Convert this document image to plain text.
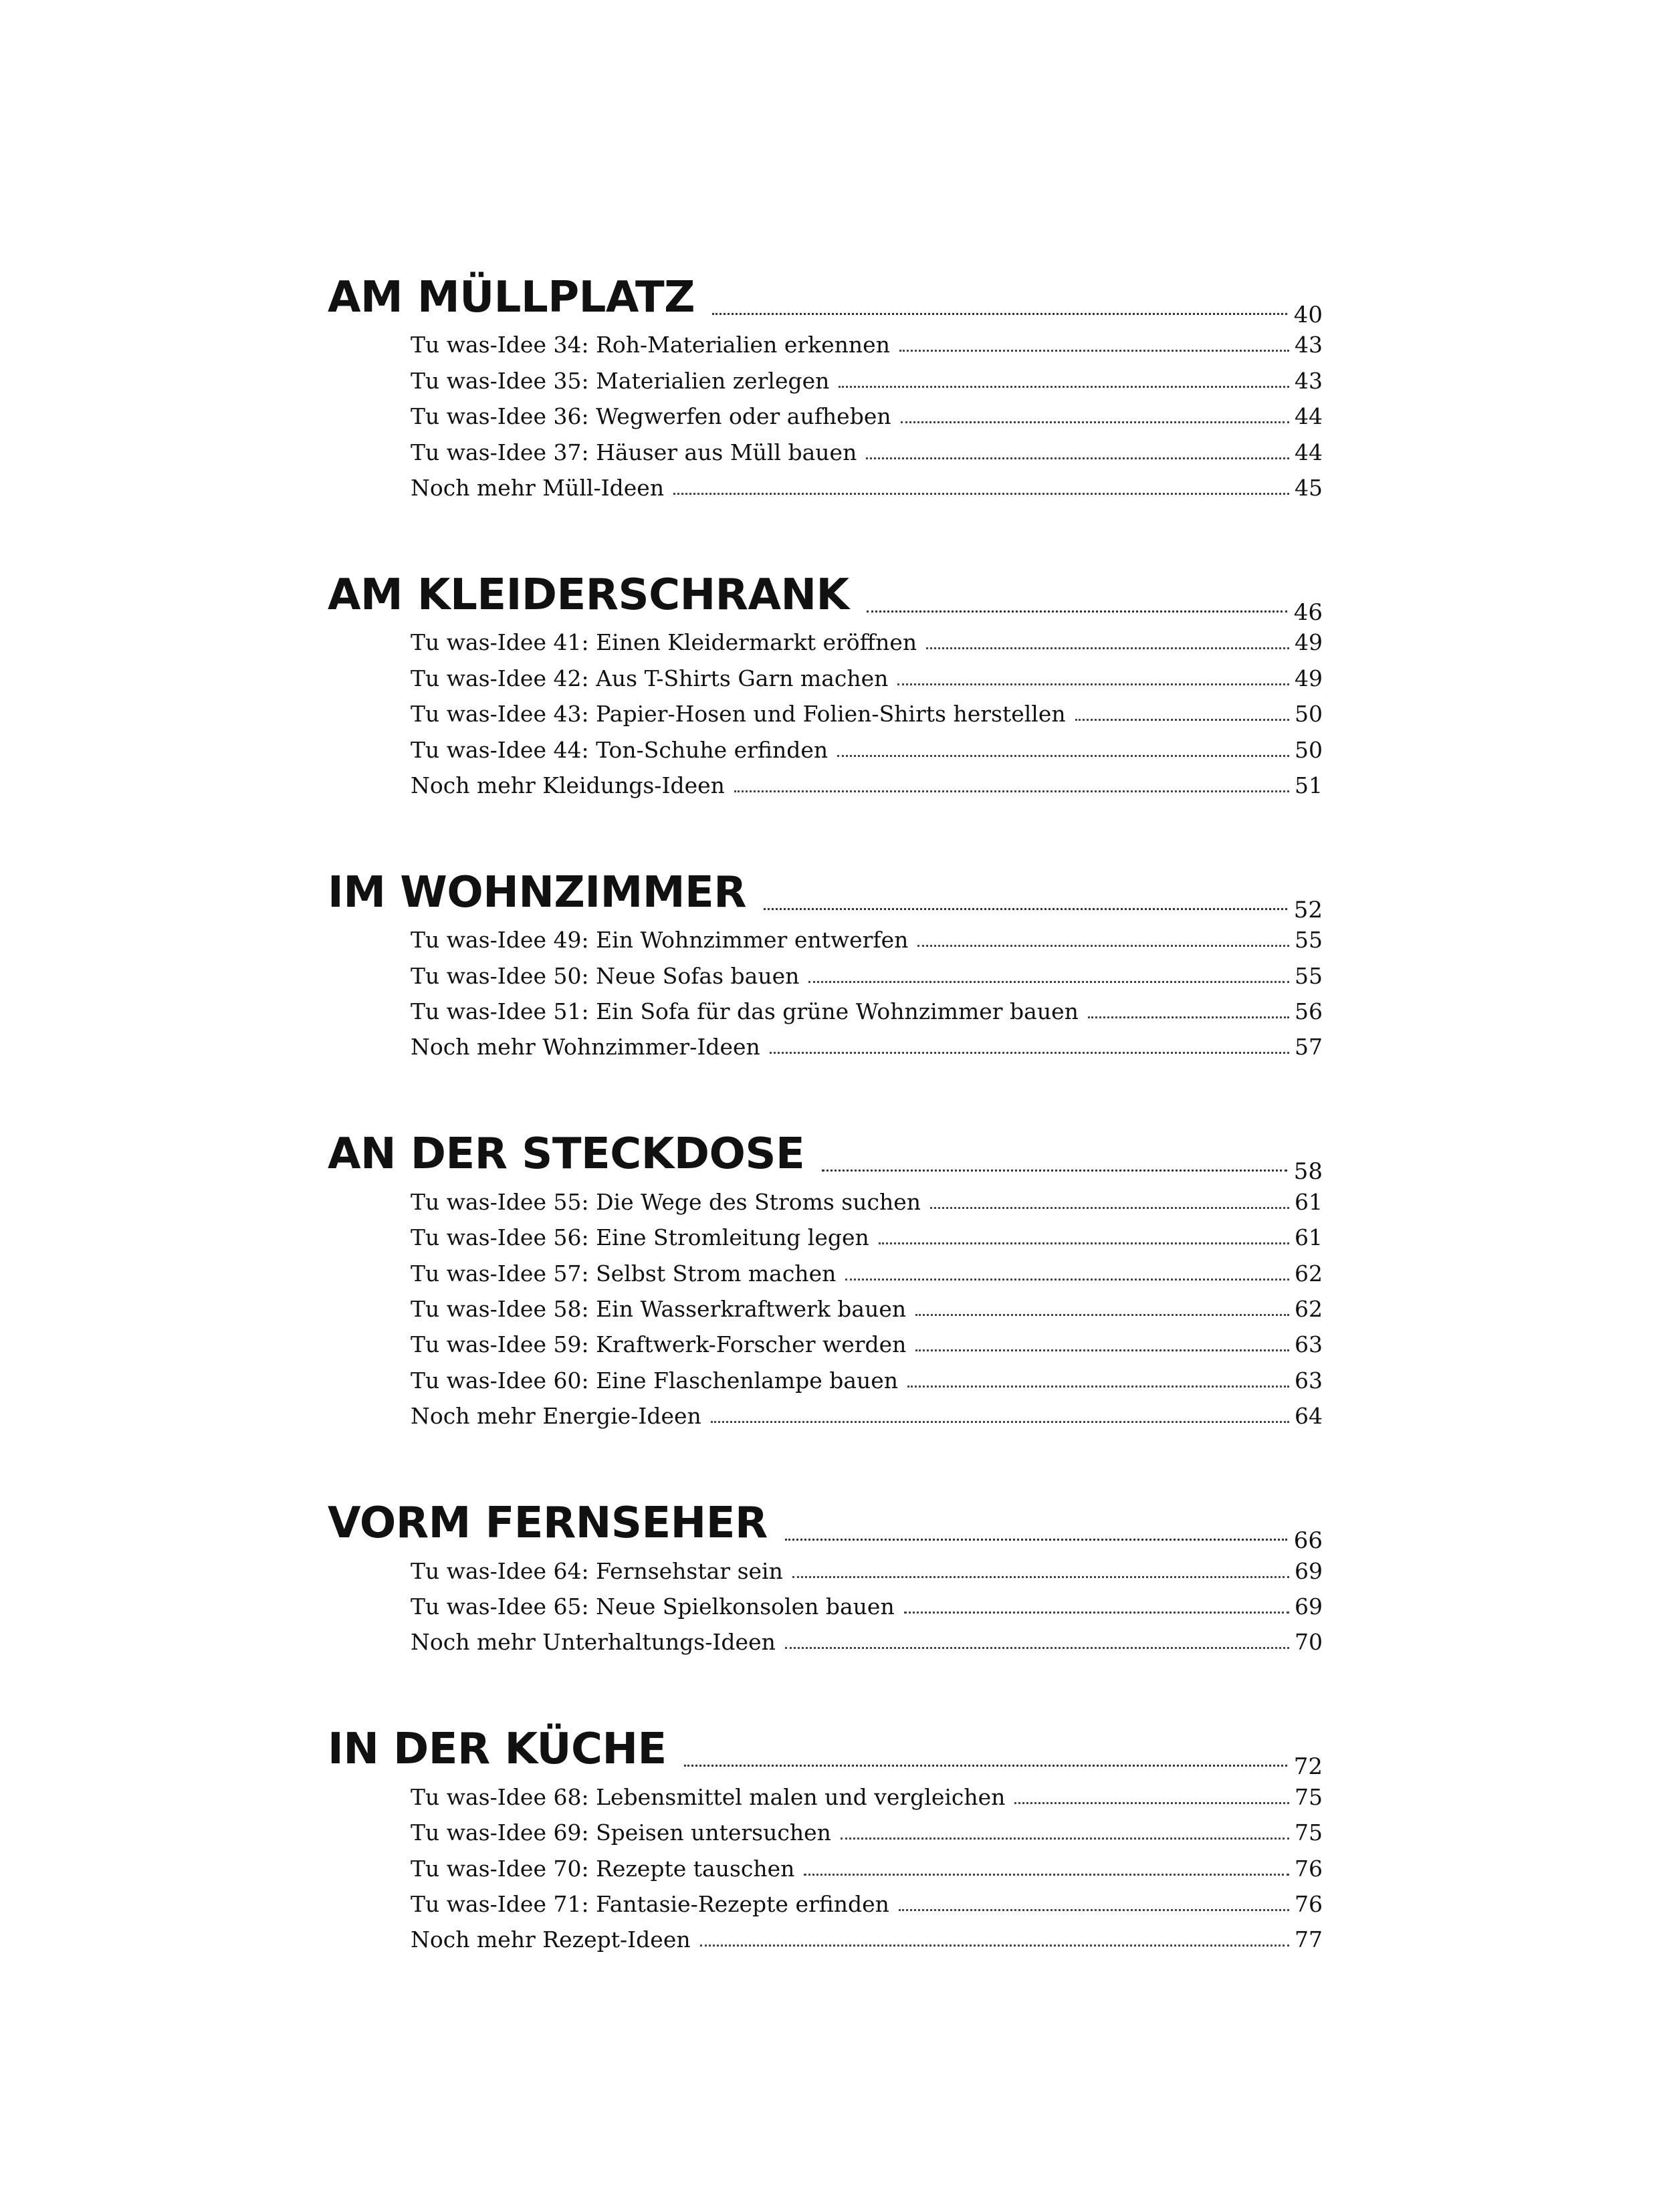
AM MÜLLPLATZ	40
Tu was-Idee 34: Roh-Materialien erkennen	43
Tu was-Idee 35: Materialien zerlegen	43
Tu was-Idee 36: Wegwerfen oder aufheben	44
Tu was-Idee 37: Häuser aus Müll bauen	44
Noch mehr Müll-Ideen	45
AM KLEIDERSCHRANK	46
Tu was-Idee 41: Einen Kleidermarkt eröffnen	49
Tu was-Idee 42: Aus T-Shirts Garn machen	49
Tu was-Idee 43: Papier-Hosen und Folien-Shirts herstellen	50
Tu was-Idee 44: Ton-Schuhe erfinden	50
Noch mehr Kleidungs-Ideen	51
IM WOHNZIMMER	52
Tu was-Idee 49: Ein Wohnzimmer entwerfen	55
Tu was-Idee 50: Neue Sofas bauen	55
Tu was-Idee 51: Ein Sofa für das grüne Wohnzimmer bauen	56
Noch mehr Wohnzimmer-Ideen	57
AN DER STECKDOSE	58
Tu was-Idee 55: Die Wege des Stroms suchen	61
Tu was-Idee 56: Eine Stromleitung legen	61
Tu was-Idee 57: Selbst Strom machen	62
Tu was-Idee 58: Ein Wasserkraftwerk bauen	62
Tu was-Idee 59: Kraftwerk-Forscher werden	63
Tu was-Idee 60: Eine Flaschenlampe bauen	63
Noch mehr Energie-Ideen	64
VORM FERNSEHER	66
Tu was-Idee 64: Fernsehstar sein	69
Tu was-Idee 65: Neue Spielkonsolen bauen	69
Noch mehr Unterhaltungs-Ideen	70
IN DER KÜCHE	72
Tu was-Idee 68: Lebensmittel malen und vergleichen	75
Tu was-Idee 69: Speisen untersuchen	75
Tu was-Idee 70: Rezepte tauschen	76
Tu was-Idee 71: Fantasie-Rezepte erfinden	76
Noch mehr Rezept-Ideen	77
